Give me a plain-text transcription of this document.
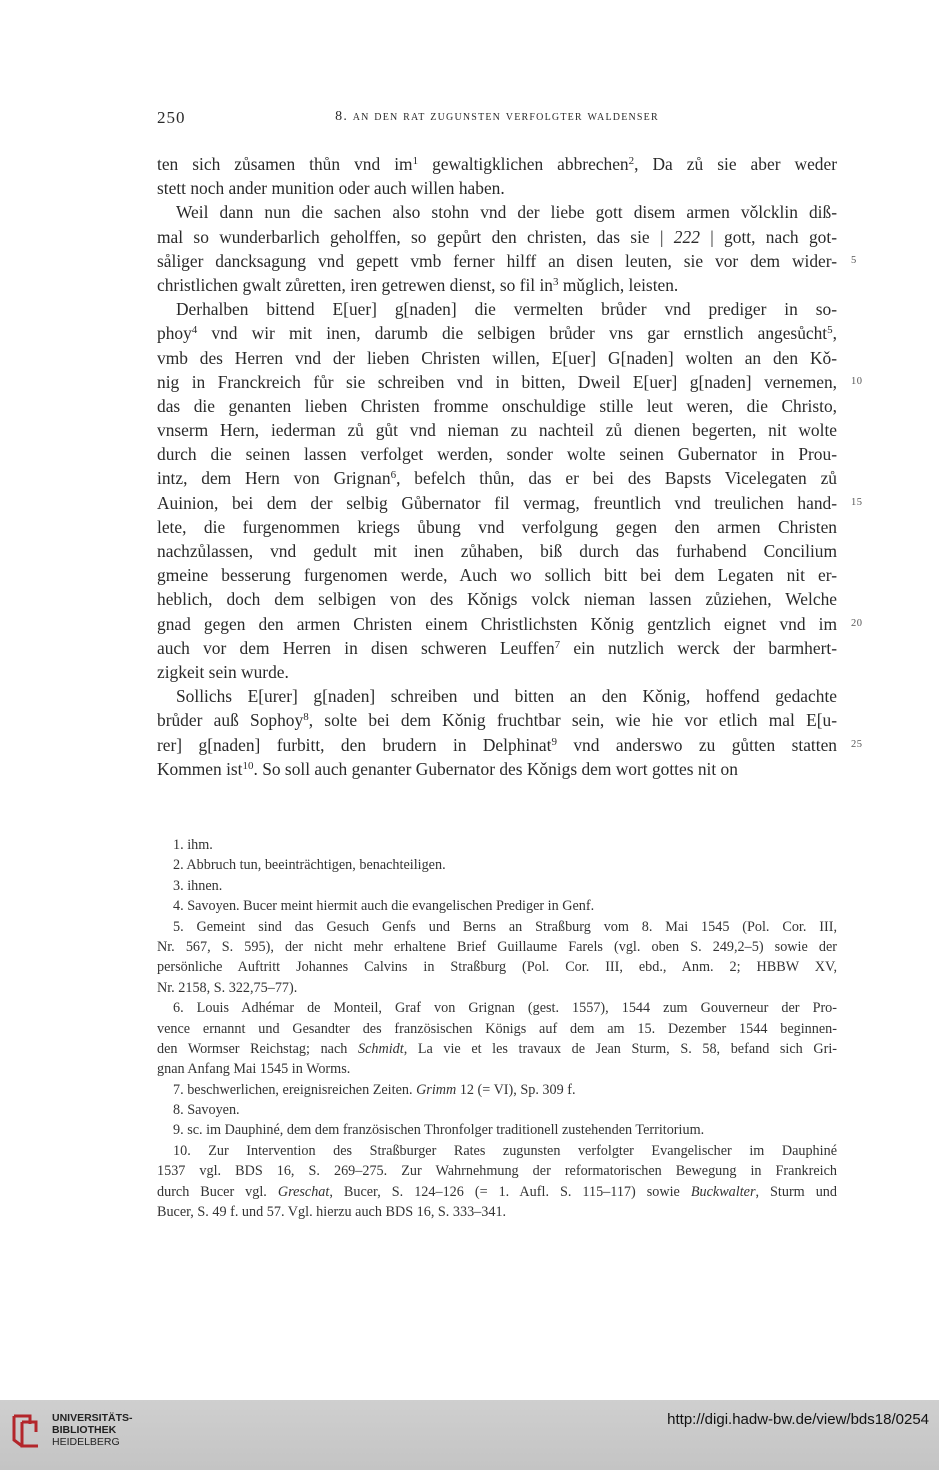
250	8. an den rat zugunsten verfolgter waldenser
ten sich zůsamen thůn vnd $im^1$ gewaltigklichen abbrechen$^2$, Da zů sie aber weder
stett noch ander munition oder auch willen haben.
Weil dann nun die sachen also stohn vnd der liebe gott disem armen vǒlcklin diß-
mal so wunderbarlich geholffen, so gepůrt den christen, das sie | 222 | gott, nach got-
såliger dancksagung vnd gepett vmb ferner hilff an disen leuten, sie vor dem wider-
christlichen gwalt zůretten, iren getrewen dienst, so fil $in^3$ mǔglich, leisten.
Derhalben bittend E[uer] g[naden] die vermelten brůder vnd prediger in so-
phoy$^4$ vnd wir mit inen, darumb die selbigen brůder vns gar ernstlich angesůcht$^5$,
vmb des Herren vnd der lieben Christen willen, E[uer] G[naden] wolten an den Kǒ-
nig in Franckreich fůr sie schreiben vnd in bitten, Dweil E[uer] g[naden] vernemen,
das die genanten lieben Christen fromme onschuldige stille leut weren, die Christo,
vnserm Hern, iederman zů gůt vnd nieman zu nachteil zů dienen begerten, nit wolte
durch die seinen lassen verfolget werden, sonder wolte seinen Gubernator in Prou-
intz, dem Hern von Grignan$^6$, befelch thůn, das er bei des Bapsts Vicelegaten zů
Auinion, bei dem der selbig Gůbernator fil vermag, freuntlich vnd treulichen hand-
lete, die furgenommen kriegs ůbung vnd verfolgung gegen den armen Christen
nachzůlassen, vnd gedult mit inen zůhaben, biß durch das furhabend Concilium
gmeine besserung furgenomen werde, Auch wo sollich bitt bei dem Legaten nit er-
heblich, doch dem selbigen von des Kǒnigs volck nieman lassen zůziehen, Welche
gnad gegen den armen Christen einem Christlichsten Kǒnig gentzlich eignet vnd im
auch vor dem Herren in disen schweren Leuffen$^7$ ein nutzlich werck der barmhert-
zigkeit sein wurde.
Sollichs E[urer] g[naden] schreiben und bitten an den Kǒnig, hoffend gedachte
brůder auß Sophoy$^8$, solte bei dem Kǒnig fruchtbar sein, wie hie vor etlich mal E[u-
rer] g[naden] furbitt, den brudern in Delphinat$^9$ vnd anderswo zu gůtten statten
Kommen ist$^{10}$. So soll auch genanter Gubernator des Kǒnigs dem wort gottes nit on
5
10
15
20
25
1. ihm.
2. Abbruch tun, beeinträchtigen, benachteiligen.
3. ihnen.
4. Savoyen. Bucer meint hiermit auch die evangelischen Prediger in Genf.
5. Gemeint sind das Gesuch Genfs und Berns an Straßburg vom 8. Mai 1545 (Pol. Cor. III,
Nr. 567, S. 595), der nicht mehr erhaltene Brief Guillaume Farels (vgl. oben S. 249,2–5) sowie der
persönliche Auftritt Johannes Calvins in Straßburg (Pol. Cor. III, ebd., Anm. 2; HBBW XV,
Nr. 2158, S. 322,75–77).
6. Louis Adhémar de Monteil, Graf von Grignan (gest. 1557), 1544 zum Gouverneur der Pro-
vence ernannt und Gesandter des französischen Königs auf dem am 15. Dezember 1544 beginnen-
den Wormser Reichstag; nach Schmidt, La vie et les travaux de Jean Sturm, S. 58, befand sich Gri-
gnan Anfang Mai 1545 in Worms.
7. beschwerlichen, ereignisreichen Zeiten. Grimm 12 (= VI), Sp. 309 f.
8. Savoyen.
9. sc. im Dauphiné, dem dem französischen Thronfolger traditionell zustehenden Territorium.
10. Zur Intervention des Straßburger Rates zugunsten verfolgter Evangelischer im Dauphiné
1537 vgl. BDS 16, S. 269–275. Zur Wahrnehmung der reformatorischen Bewegung in Frankreich
durch Bucer vgl. Greschat, Bucer, S. 124–126 (= 1. Aufl. S. 115–117) sowie Buckwalter, Sturm und
Bucer, S. 49 f. und 57. Vgl. hierzu auch BDS 16, S. 333–341.
UNIVERSITÄTS-
BIBLIOTHEK
HEIDELBERG
http://digi.hadw-bw.de/view/bds18/0254
